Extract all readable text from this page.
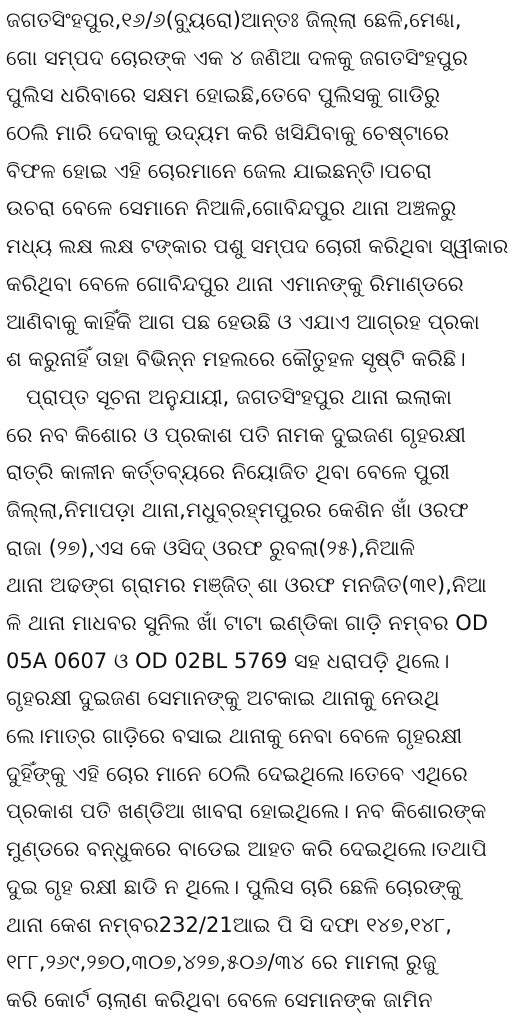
ଜଗତସିଂହପୁର,୧୬/୬(ବ୍ୟୁରୋ)ଆନ୍ତଃ ଜିଲ୍ଲା ଛେଳି,ମେଣ୍ଢା,
ଗୋ ସମ୍ପଦ ଚୋରଙ୍କ ଏକ ୪ ଜଣିଆ ଦଳକୁ ଜଗତସିଂହପୁର
ପୁଲିସ ଧରିବାରେ ସକ୍ଷମ ହୋଇଛି,ତେବେ ପୁଲିସକୁ ଗାଡିରୁ
ଠେଲି ମାରି ଦେବାକୁ ଉଦ୍ୟମ କରି ଖସିଯିବାକୁ ଚେଷ୍ଟାରେ
ବିଫଳ ହୋଇ ଏହି ଚୋରମାନେ ଜେଲ ଯାଇଛନ୍ତି।ପଚରା
ଉଚରା ବେଳେ ସେମାନେ ନିଆଳି,ଗୋବିନ୍ଦପୁର ଥାନା ଅଞ୍ଚଳରୁ
ମଧ୍ୟ ଲକ୍ଷ ଲକ୍ଷ ଟଙ୍କାର ପଶୁ ସମ୍ପଦ ଚୋରୀ କରିଥିବା ସ୍ୱୀକାର
କରିଥିବା ବେଳେ ଗୋବିନ୍ଦପୁର ଥାନା ଏମାନଙ୍କୁ ରିମାଣ୍ଡରେ
ଆଣିବାକୁ କାହିଁକି ଆଗ ପଛ ହେଉଛି ଓ ଏଯାଏ ଆଗ୍ରହ ପ୍ରକା
ଶ କରୁନାହିଁ ତାହା ବିଭିନ୍ନ ମହଲରେ କୌତୁହଳ ସୃଷ୍ଟି କରିଛି।
ପ୍ରାପ୍ତ ସୂଚନା ଅନୁଯାୟୀ, ଜଗତସିଂହପୁର ଥାନା ଇଲାକା
ରେ ନବ କିଶୋର ଓ ପ୍ରକାଶ ପତି ନାମକ ଦୁଇଜଣ ଗୃହରକ୍ଷୀ
ରାତ୍ରି କାଳୀନ କର୍ତ୍ତବ୍ୟରେ ନିୟୋଜିତ ଥିବା ବେଳେ ପୁରୀ
ଜିଲ୍ଲା,ନିମାପଡ଼ା ଥାନା,ମଧୁବ୍ରହ୍ମପୁରର କେଶିନ ଖାଁ ଓରଫ
ରାଜା (୨୭),ଏସ କେ ଓସିଦ୍ ଓରଫ ରୁବଲା(୨୫),ନିଆଳି
ଥାନା ଅଢଙ୍ଗ ଗ୍ରାମର ମଞ୍ଜିତ୍ ଶା ଓରଫ ମନଜିତ(୩୧),ନିଆ
ଳି ଥାନା ମାଧବର ସୁନିଲ ଖାଁ ଟାଟା ଇଣ୍ଡିକା ଗାଡ଼ି ନମ୍ବର OD
05A 0607 ଓ OD 02BL 5769 ସହ ଧରାପଡ଼ି ଥିଲେ।
ଗୃହରକ୍ଷୀ ଦୁଇଜଣ ସେମାନଙ୍କୁ ଅଟକାଇ ଥାନାକୁ ନେଉଥି
ଲେ।ମାତ୍ର ଗାଡ଼ିରେ ବସାଇ ଥାନାକୁ ନେବା ବେଳେ ଗୃହରକ୍ଷୀ
ଦୁହିଁଙ୍କୁ ଏହି ଚୋର ମାନେ ଠେଲି ଦେଇଥିଲେ।ତେବେ ଏଥିରେ
ପ୍ରକାଶ ପତି ଖଣ୍ଡିଆ ଖାବରା ହୋଇଥିଲେ। ନବ କିଶୋରଙ୍କ
ମୁଣ୍ଡରେ ବନ୍ଧୁକରେ ବାଡେଇ ଆହତ କରି ଦେଇଥିଲେ।ତଥାପି
ଦୁଇ ଗୃହ ରକ୍ଷୀ ଛାଡି ନ ଥିଲେ। ପୁଲିସ ଚାରି ଛେଳି ଚୋରଙ୍କୁ
ଥାନା କେଶ ନମ୍ବର232/21ଆଇ ପି ସି ଦଫା ୧୪୭,୧୪୮,
୧୮୮,୨୬୯,୨୭୦,୩୦୭,୪୨୭,୫୦୬/୩୪ ରେ ମାମଲା ରୁଜୁ
କରି କୋର୍ଟ ଚାଲାଣ କରିଥିବା ବେଳେ ସେମାନଙ୍କ ଜାମିନ
